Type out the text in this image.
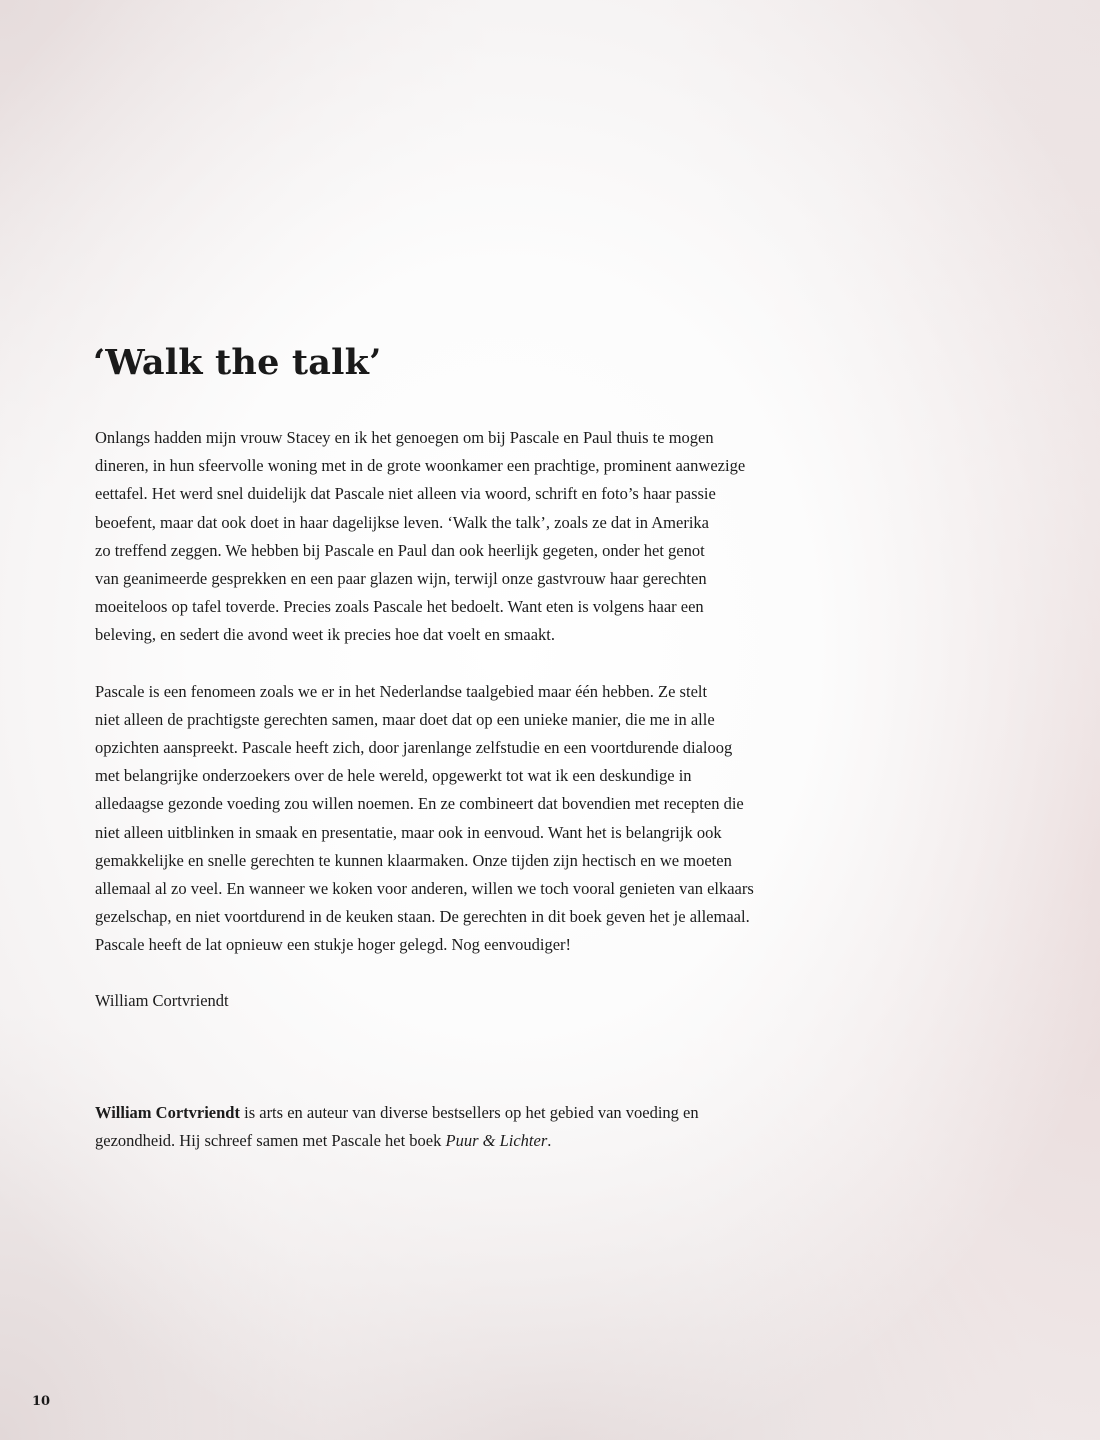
‘Walk the talk’
Onlangs hadden mijn vrouw Stacey en ik het genoegen om bij Pascale en Paul thuis te mogen
dineren, in hun sfeervolle woning met in de grote woonkamer een prachtige, prominent aanwezige
eettafel. Het werd snel duidelijk dat Pascale niet alleen via woord, schrift en foto’s haar passie
beoefent, maar dat ook doet in haar dagelijkse leven. ‘Walk the talk’, zoals ze dat in Amerika
zo treffend zeggen. We hebben bij Pascale en Paul dan ook heerlijk gegeten, onder het genot
van geanimeerde gesprekken en een paar glazen wijn, terwijl onze gastvrouw haar gerechten
moeiteloos op tafel toverde. Precies zoals Pascale het bedoelt. Want eten is volgens haar een
beleving, en sedert die avond weet ik precies hoe dat voelt en smaakt.
Pascale is een fenomeen zoals we er in het Nederlandse taalgebied maar één hebben. Ze stelt
niet alleen de prachtigste gerechten samen, maar doet dat op een unieke manier, die me in alle
opzichten aanspreekt. Pascale heeft zich, door jarenlange zelfstudie en een voortdurende dialoog
met belangrijke onderzoekers over de hele wereld, opgewerkt tot wat ik een deskundige in
alledaagse gezonde voeding zou willen noemen. En ze combineert dat bovendien met recepten die
niet alleen uitblinken in smaak en presentatie, maar ook in eenvoud. Want het is belangrijk ook
gemakkelijke en snelle gerechten te kunnen klaarmaken. Onze tijden zijn hectisch en we moeten
allemaal al zo veel. En wanneer we koken voor anderen, willen we toch vooral genieten van elkaars
gezelschap, en niet voortdurend in de keuken staan. De gerechten in dit boek geven het je allemaal.
Pascale heeft de lat opnieuw een stukje hoger gelegd. Nog eenvoudiger!
William Cortvriendt
William Cortvriendt is arts en auteur van diverse bestsellers op het gebied van voeding en
gezondheid. Hij schreef samen met Pascale het boek Puur & Lichter.
10
